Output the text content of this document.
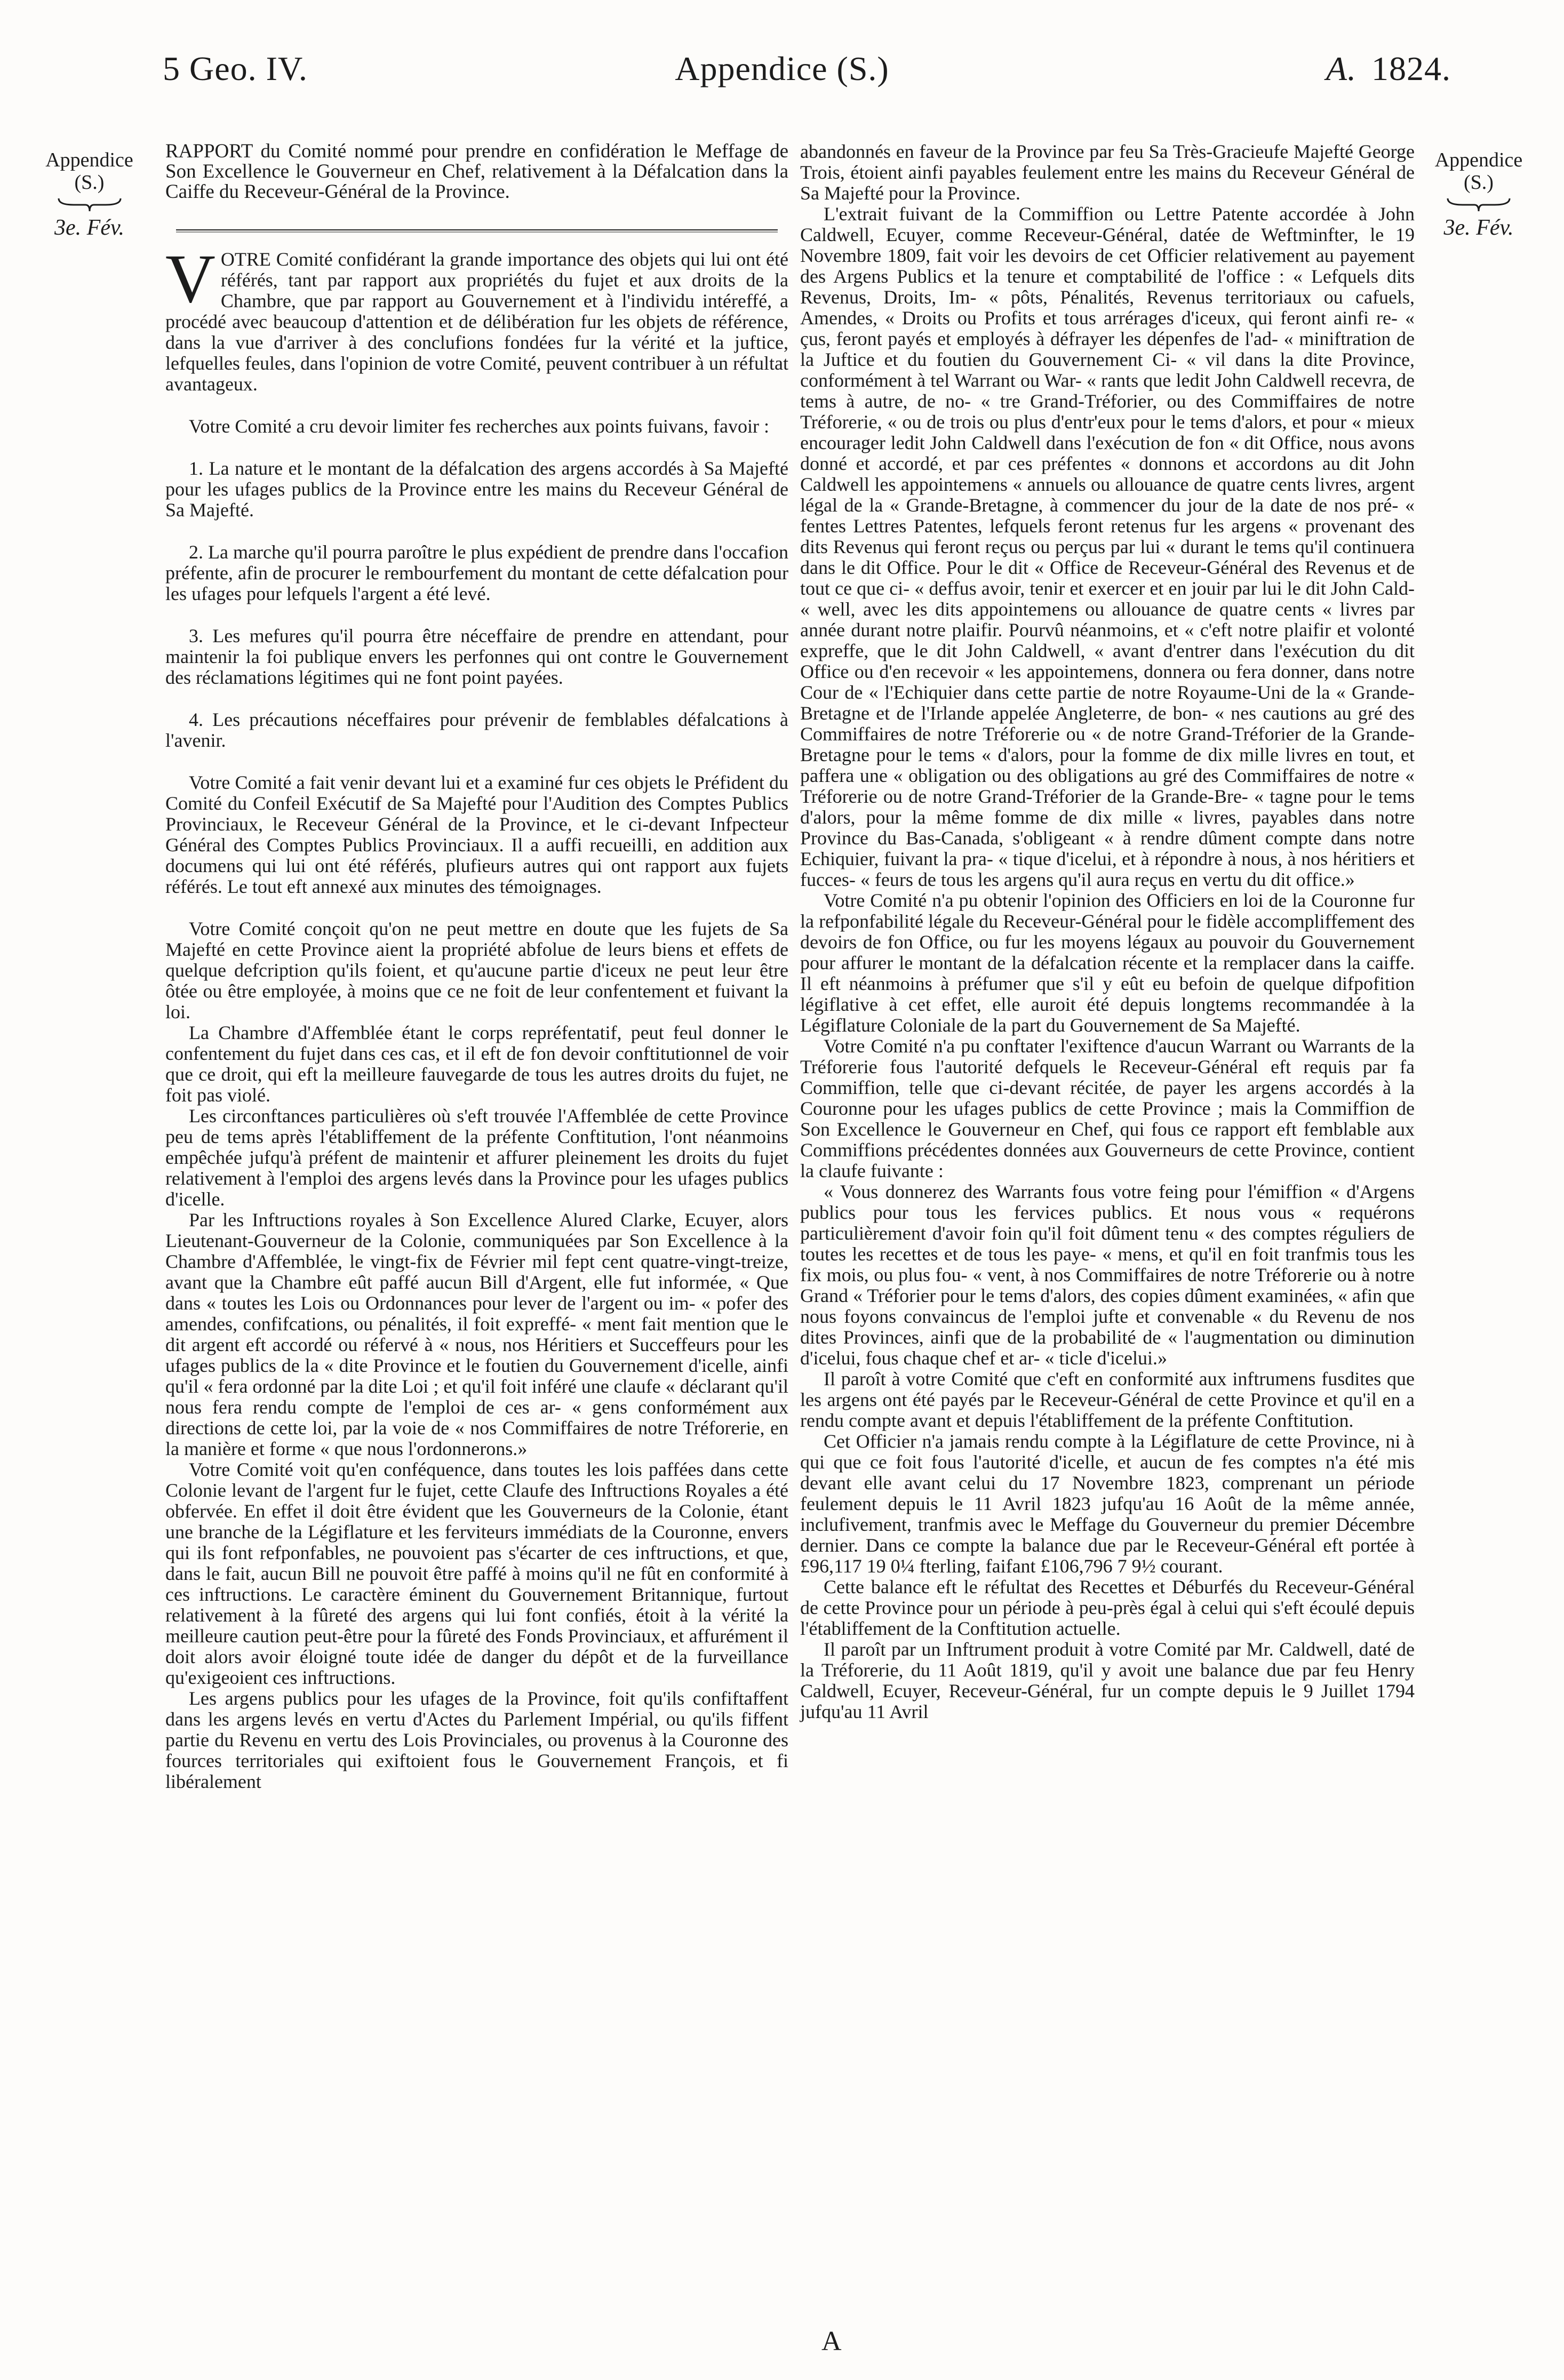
5 Geo. IV.	Appendice (S.)	A. 1824.
Appendice
(S.)
3e. Fév.
Appendice
(S.)
3e. Fév.

RAPPORT du Comité nommé pour prendre en confidération le Meffage de Son Excellence le Gouverneur en Chef, relativement à la Défalcation dans la Caiffe du Receveur-Général de la Province.

VOTRE Comité confidérant la grande importance des objets qui lui ont été référés, tant par rapport aux propriétés du fujet et aux droits de la Chambre, que par rapport au Gouvernement et à l'individu intéreffé, a procédé avec beaucoup d'attention et de délibération fur les objets de référence, dans la vue d'arriver à des conclufions fondées fur la vérité et la juftice, lefquelles feules, dans l'opinion de votre Comité, peuvent contribuer à un réfultat avantageux.

Votre Comité a cru devoir limiter fes recherches aux points fuivans, favoir :

1. La nature et le montant de la défalcation des argens accordés à Sa Majefté pour les ufages publics de la Province entre les mains du Receveur Général de Sa Majefté.

2. La marche qu'il pourra paroître le plus expédient de prendre dans l'occafion préfente, afin de procurer le rembourfement du montant de cette défalcation pour les ufages pour lefquels l'argent a été levé.

3. Les mefures qu'il pourra être néceffaire de prendre en attendant, pour maintenir la foi publique envers les perfonnes qui ont contre le Gouvernement des réclamations légitimes qui ne font point payées.

4. Les précautions néceffaires pour prévenir de femblables défalcations à l'avenir.

Votre Comité a fait venir devant lui et a examiné fur ces objets le Préfident du Comité du Confeil Exécutif de Sa Majefté pour l'Audition des Comptes Publics Provinciaux, le Receveur Général de la Province, et le ci-devant Infpecteur Général des Comptes Publics Provinciaux. Il a auffi recueilli, en addition aux documens qui lui ont été référés, plufieurs autres qui ont rapport aux fujets référés. Le tout eft annexé aux minutes des témoignages.

Votre Comité conçoit qu'on ne peut mettre en doute que les fujets de Sa Majefté en cette Province aient la propriété abfolue de leurs biens et effets de quelque defcription qu'ils foient, et qu'aucune partie d'iceux ne peut leur être ôtée ou être employée, à moins que ce ne foit de leur confentement et fuivant la loi.

La Chambre d'Affemblée étant le corps repréfentatif, peut feul donner le confentement du fujet dans ces cas, et il eft de fon devoir conftitutionnel de voir que ce droit, qui eft la meilleure fauvegarde de tous les autres droits du fujet, ne foit pas violé.

Les circonftances particulières où s'eft trouvée l'Affemblée de cette Province peu de tems après l'établiffement de la préfente Conftitution, l'ont néanmoins empêchée jufqu'à préfent de maintenir et affurer pleinement les droits du fujet relativement à l'emploi des argens levés dans la Province pour les ufages publics d'icelle.

Par les Inftructions royales à Son Excellence Alured Clarke, Ecuyer, alors Lieutenant-Gouverneur de la Colonie, communiquées par Son Excellence à la Chambre d'Affemblée, le vingt-fix de Février mil fept cent quatre-vingt-treize, avant que la Chambre eût paffé aucun Bill d'Argent, elle fut informée, « Que dans « toutes les Lois ou Ordonnances pour lever de l'argent ou im- « pofer des amendes, confifcations, ou pénalités, il foit expreffé- « ment fait mention que le dit argent eft accordé ou réfervé à « nous, nos Héritiers et Succeffeurs pour les ufages publics de la « dite Province et le foutien du Gouvernement d'icelle, ainfi qu'il « fera ordonné par la dite Loi ; et qu'il foit inféré une claufe « déclarant qu'il nous fera rendu compte de l'emploi de ces ar- « gens conformément aux directions de cette loi, par la voie de « nos Commiffaires de notre Tréforerie, en la manière et forme « que nous l'ordonnerons.»

Votre Comité voit qu'en conféquence, dans toutes les lois paffées dans cette Colonie levant de l'argent fur le fujet, cette Claufe des Inftructions Royales a été obfervée. En effet il doit être évident que les Gouverneurs de la Colonie, étant une branche de la Légiflature et les ferviteurs immédiats de la Couronne, envers qui ils font refponfables, ne pouvoient pas s'écarter de ces inftructions, et que, dans le fait, aucun Bill ne pouvoit être paffé à moins qu'il ne fût en conformité à ces inftructions. Le caractère éminent du Gouvernement Britannique, furtout relativement à la fûreté des argens qui lui font confiés, étoit à la vérité la meilleure caution peut-être pour la fûreté des Fonds Provinciaux, et affurément il doit alors avoir éloigné toute idée de danger du dépôt et de la furveillance qu'exigeoient ces inftructions.

Les argens publics pour les ufages de la Province, foit qu'ils confiftaffent dans les argens levés en vertu d'Actes du Parlement Impérial, ou qu'ils fiffent partie du Revenu en vertu des Lois Provinciales, ou provenus à la Couronne des fources territoriales qui exiftoient fous le Gouvernement François, et fi libéralement

abandonnés en faveur de la Province par feu Sa Très-Gracieufe Majefté George Trois, étoient ainfi payables feulement entre les mains du Receveur Général de Sa Majefté pour la Province.

L'extrait fuivant de la Commiffion ou Lettre Patente accordée à John Caldwell, Ecuyer, comme Receveur-Général, datée de Weftminfter, le 19 Novembre 1809, fait voir les devoirs de cet Officier relativement au payement des Argens Publics et la tenure et comptabilité de l'office : « Lefquels dits Revenus, Droits, Im- « pôts, Pénalités, Revenus territoriaux ou cafuels, Amendes, « Droits ou Profits et tous arrérages d'iceux, qui feront ainfi re- « çus, feront payés et employés à défrayer les dépenfes de l'ad- « miniftration de la Juftice et du foutien du Gouvernement Ci- « vil dans la dite Province, conformément à tel Warrant ou War- « rants que ledit John Caldwell recevra, de tems à autre, de no- « tre Grand-Tréforier, ou des Commiffaires de notre Tréforerie, « ou de trois ou plus d'entr'eux pour le tems d'alors, et pour « mieux encourager ledit John Caldwell dans l'exécution de fon « dit Office, nous avons donné et accordé, et par ces préfentes « donnons et accordons au dit John Caldwell les appointemens « annuels ou allouance de quatre cents livres, argent légal de la « Grande-Bretagne, à commencer du jour de la date de nos pré- « fentes Lettres Patentes, lefquels feront retenus fur les argens « provenant des dits Revenus qui feront reçus ou perçus par lui « durant le tems qu'il continuera dans le dit Office. Pour le dit « Office de Receveur-Général des Revenus et de tout ce que ci- « deffus avoir, tenir et exercer et en jouir par lui le dit John Cald- « well, avec les dits appointemens ou allouance de quatre cents « livres par année durant notre plaifir. Pourvû néanmoins, et « c'eft notre plaifir et volonté expreffe, que le dit John Caldwell, « avant d'entrer dans l'exécution du dit Office ou d'en recevoir « les appointemens, donnera ou fera donner, dans notre Cour de « l'Echiquier dans cette partie de notre Royaume-Uni de la « Grande-Bretagne et de l'Irlande appelée Angleterre, de bon- « nes cautions au gré des Commiffaires de notre Tréforerie ou « de notre Grand-Tréforier de la Grande-Bretagne pour le tems « d'alors, pour la fomme de dix mille livres en tout, et paffera une « obligation ou des obligations au gré des Commiffaires de notre « Tréforerie ou de notre Grand-Tréforier de la Grande-Bre- « tagne pour le tems d'alors, pour la même fomme de dix mille « livres, payables dans notre Province du Bas-Canada, s'obligeant « à rendre dûment compte dans notre Echiquier, fuivant la pra- « tique d'icelui, et à répondre à nous, à nos héritiers et fucces- « feurs de tous les argens qu'il aura reçus en vertu du dit office.»

Votre Comité n'a pu obtenir l'opinion des Officiers en loi de la Couronne fur la refponfabilité légale du Receveur-Général pour le fidèle accompliffement des devoirs de fon Office, ou fur les moyens légaux au pouvoir du Gouvernement pour affurer le montant de la défalcation récente et la remplacer dans la caiffe. Il eft néanmoins à préfumer que s'il y eût eu befoin de quelque difpofition légiflative à cet effet, elle auroit été depuis longtems recommandée à la Légiflature Coloniale de la part du Gouvernement de Sa Majefté.

Votre Comité n'a pu conftater l'exiftence d'aucun Warrant ou Warrants de la Tréforerie fous l'autorité defquels le Receveur-Général eft requis par fa Commiffion, telle que ci-devant récitée, de payer les argens accordés à la Couronne pour les ufages publics de cette Province ; mais la Commiffion de Son Excellence le Gouverneur en Chef, qui fous ce rapport eft femblable aux Commiffions précédentes données aux Gouverneurs de cette Province, contient la claufe fuivante :

« Vous donnerez des Warrants fous votre feing pour l'émiffion « d'Argens publics pour tous les fervices publics. Et nous vous « requérons particulièrement d'avoir foin qu'il foit dûment tenu « des comptes réguliers de toutes les recettes et de tous les paye- « mens, et qu'il en foit tranfmis tous les fix mois, ou plus fou- « vent, à nos Commiffaires de notre Tréforerie ou à notre Grand « Tréforier pour le tems d'alors, des copies dûment examinées, « afin que nous foyons convaincus de l'emploi jufte et convenable « du Revenu de nos dites Provinces, ainfi que de la probabilité de « l'augmentation ou diminution d'icelui, fous chaque chef et ar- « ticle d'icelui.»

Il paroît à votre Comité que c'eft en conformité aux inftrumens fusdites que les argens ont été payés par le Receveur-Général de cette Province et qu'il en a rendu compte avant et depuis l'établiffement de la préfente Conftitution.

Cet Officier n'a jamais rendu compte à la Légiflature de cette Province, ni à qui que ce foit fous l'autorité d'icelle, et aucun de fes comptes n'a été mis devant elle avant celui du 17 Novembre 1823, comprenant un période feulement depuis le 11 Avril 1823 jufqu'au 16 Août de la même année, inclufivement, tranfmis avec le Meffage du Gouverneur du premier Décembre dernier. Dans ce compte la balance due par le Receveur-Général eft portée à £96,117 19 0¼ fterling, faifant £106,796 7 9½ courant.

Cette balance eft le réfultat des Recettes et Déburfés du Receveur-Général de cette Province pour un période à peu-près égal à celui qui s'eft écoulé depuis l'établiffement de la Conftitution actuelle.

Il paroît par un Inftrument produit à votre Comité par Mr. Caldwell, daté de la Tréforerie, du 11 Août 1819, qu'il y avoit une balance due par feu Henry Caldwell, Ecuyer, Receveur-Général, fur un compte depuis le 9 Juillet 1794 jufqu'au 11 Avril

A
